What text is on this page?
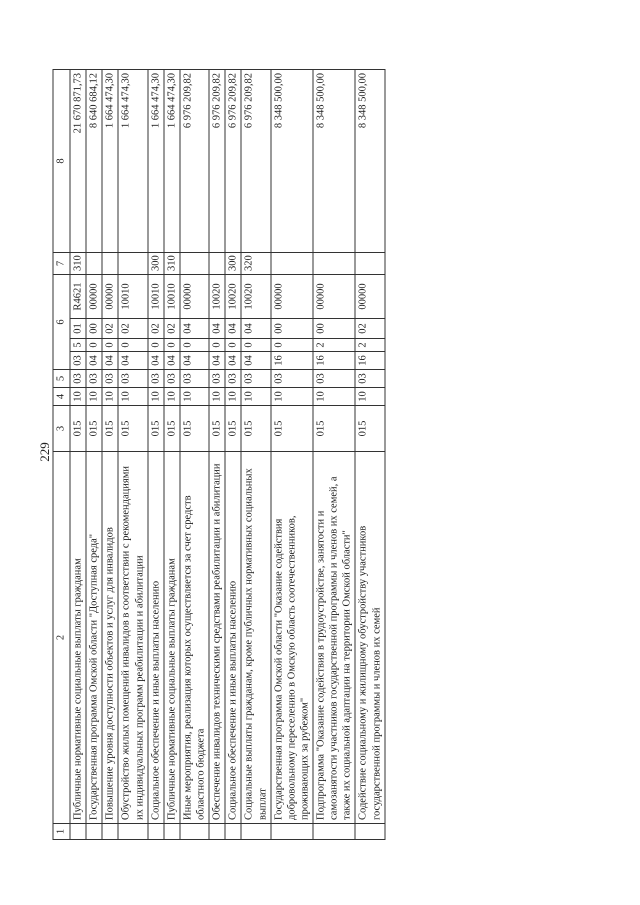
229
1	2	3	4	5	6				7	8
	Публичные нормативные социальные выплаты гражданам	015	10	03	03	5	01	R4621	310	21 670 871,73

	Государственная программа Омской области "Доступная среда"	015	10	03	04	0	00	00000		8 640 684,12

	Повышение уровня доступности объектов и услуг для инвалидов	015	10	03	04	0	02	00000		1 664 474,30

	Обустройство жилых помещений инвалидов в соответствии с рекомендациями их индивидуальных программ реабилитации и абилитации	015	10	03	04	0	02	10010		1 664 474,30

	Социальное обеспечение и иные выплаты населению	015	10	03	04	0	02	10010	300	1 664 474,30

	Публичные нормативные социальные выплаты гражданам	015	10	03	04	0	02	10010	310	1 664 474,30

	Иные мероприятия, реализация которых осуществляется за счет средств областного бюджета	015	10	03	04	0	04	00000		6 976 209,82

	Обеспечение инвалидов техническими средствами реабилитации и абилитации	015	10	03	04	0	04	10020		6 976 209,82

	Социальное обеспечение и иные выплаты населению	015	10	03	04	0	04	10020	300	6 976 209,82

	Социальные выплаты гражданам, кроме публичных нормативных социальных выплат	015	10	03	04	0	04	10020	320	6 976 209,82

	Государственная программа Омской области "Оказание содействия добровольному переселению в Омскую область соотечественников, проживающих за рубежом"	015	10	03	16	0	00	00000		8 348 500,00

	Подпрограмма "Оказание содействия в трудоустройстве, занятости и самозанятости участников государственной программы и членов их семей, а также их социальной адаптации на территории Омской области"	015	10	03	16	2	00	00000		8 348 500,00

	Содействие социальному и жилищному обустройству участников государственной программы и членов их семей	015	10	03	16	2	02	00000		8 348 500,00
